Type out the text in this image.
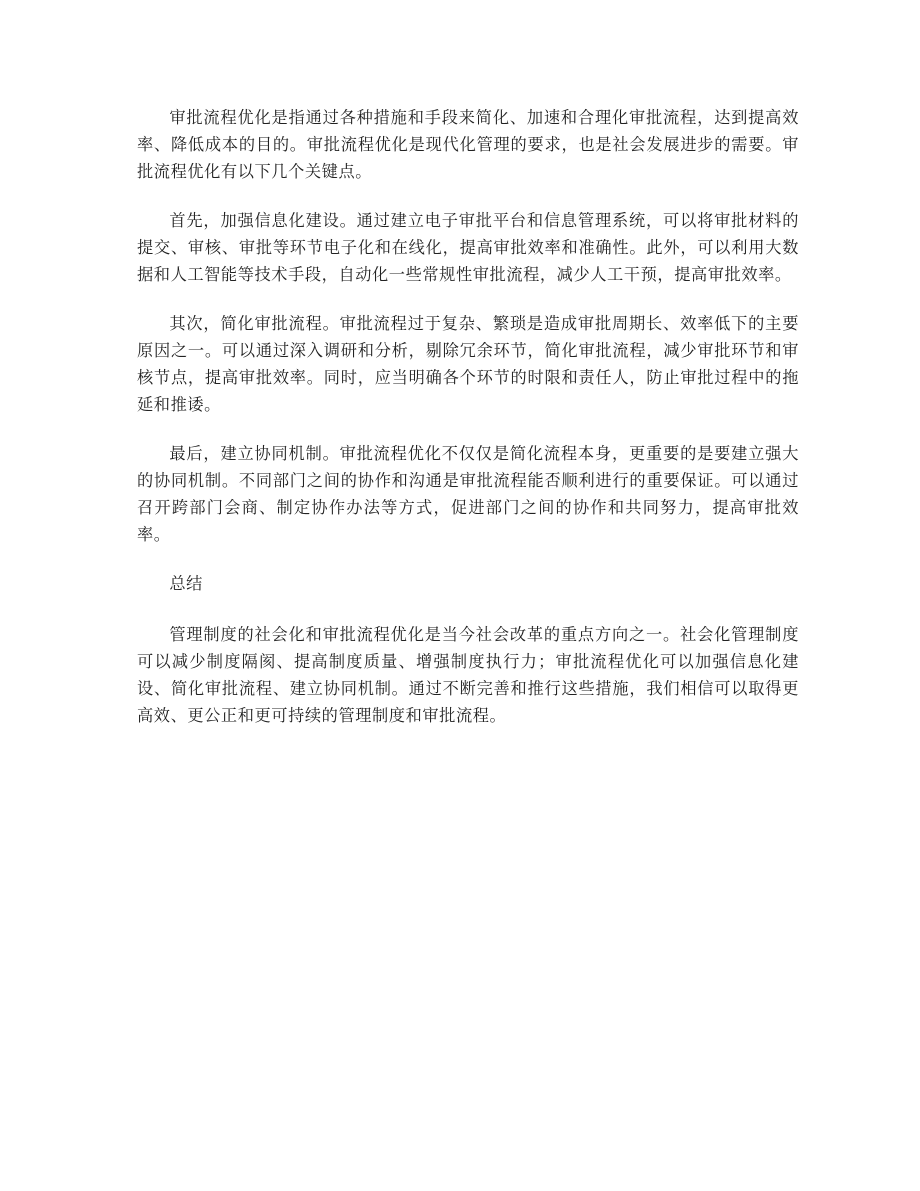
审批流程优化是指通过各种措施和手段来简化、加速和合理化审批流程，达到提高效率、降低成本的目的。审批流程优化是现代化管理的要求，也是社会发展进步的需要。审批流程优化有以下几个关键点。

首先，加强信息化建设。通过建立电子审批平台和信息管理系统，可以将审批材料的提交、审核、审批等环节电子化和在线化，提高审批效率和准确性。此外，可以利用大数据和人工智能等技术手段，自动化一些常规性审批流程，减少人工干预，提高审批效率。

其次，简化审批流程。审批流程过于复杂、繁琐是造成审批周期长、效率低下的主要原因之一。可以通过深入调研和分析，剔除冗余环节，简化审批流程，减少审批环节和审核节点，提高审批效率。同时，应当明确各个环节的时限和责任人，防止审批过程中的拖延和推诿。

最后，建立协同机制。审批流程优化不仅仅是简化流程本身，更重要的是要建立强大的协同机制。不同部门之间的协作和沟通是审批流程能否顺利进行的重要保证。可以通过召开跨部门会商、制定协作办法等方式，促进部门之间的协作和共同努力，提高审批效率。

总结

管理制度的社会化和审批流程优化是当今社会改革的重点方向之一。社会化管理制度可以减少制度隔阂、提高制度质量、增强制度执行力；审批流程优化可以加强信息化建设、简化审批流程、建立协同机制。通过不断完善和推行这些措施，我们相信可以取得更高效、更公正和更可持续的管理制度和审批流程。
